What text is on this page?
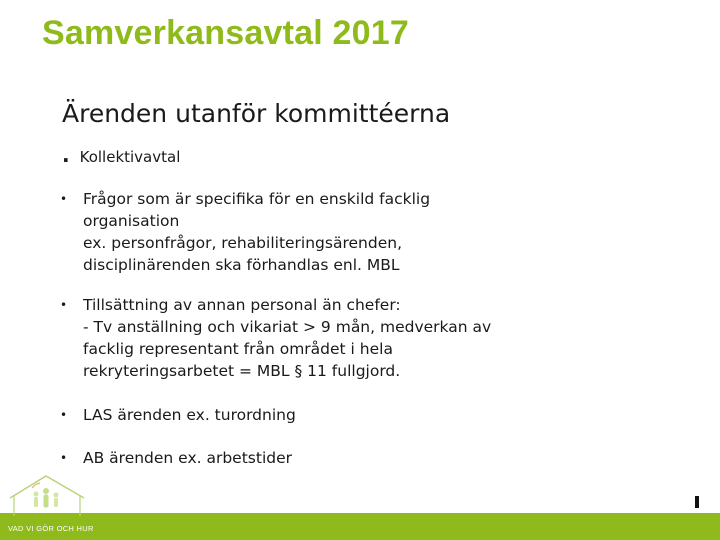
Samverkansavtal 2017
Ärenden utanför kommittéerna
. Kollektivavtal
•	Frågor som är specifika för en enskild facklig
organisation
ex. personfrågor, rehabiliteringsärenden,
disciplinärenden ska förhandlas enl. MBL
•	Tillsättning av annan personal än chefer:
- Tv anställning och vikariat > 9 mån, medverkan av
facklig representant från området i hela
rekryteringsarbetet = MBL § 11 fullgjord.
•	LAS ärenden ex. turordning
•	AB ärenden ex. arbetstider
VAD VI GÖR OCH HUR
